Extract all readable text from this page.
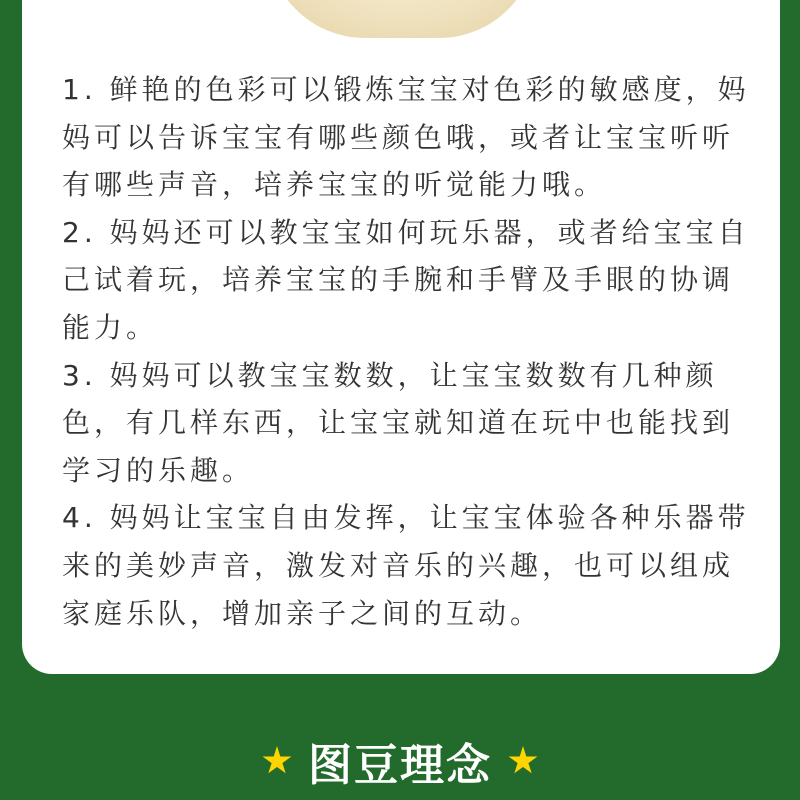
1. 鲜艳的色彩可以锻炼宝宝对色彩的敏感度，妈妈可以告诉宝宝有哪些颜色哦，或者让宝宝听听有哪些声音，培养宝宝的听觉能力哦。

2. 妈妈还可以教宝宝如何玩乐器，或者给宝宝自己试着玩，培养宝宝的手腕和手臂及手眼的协调能力。

3. 妈妈可以教宝宝数数，让宝宝数数有几种颜色，有几样东西，让宝宝就知道在玩中也能找到学习的乐趣。

4. 妈妈让宝宝自由发挥，让宝宝体验各种乐器带来的美妙声音，激发对音乐的兴趣，也可以组成家庭乐队，增加亲子之间的互动。

图豆理念
